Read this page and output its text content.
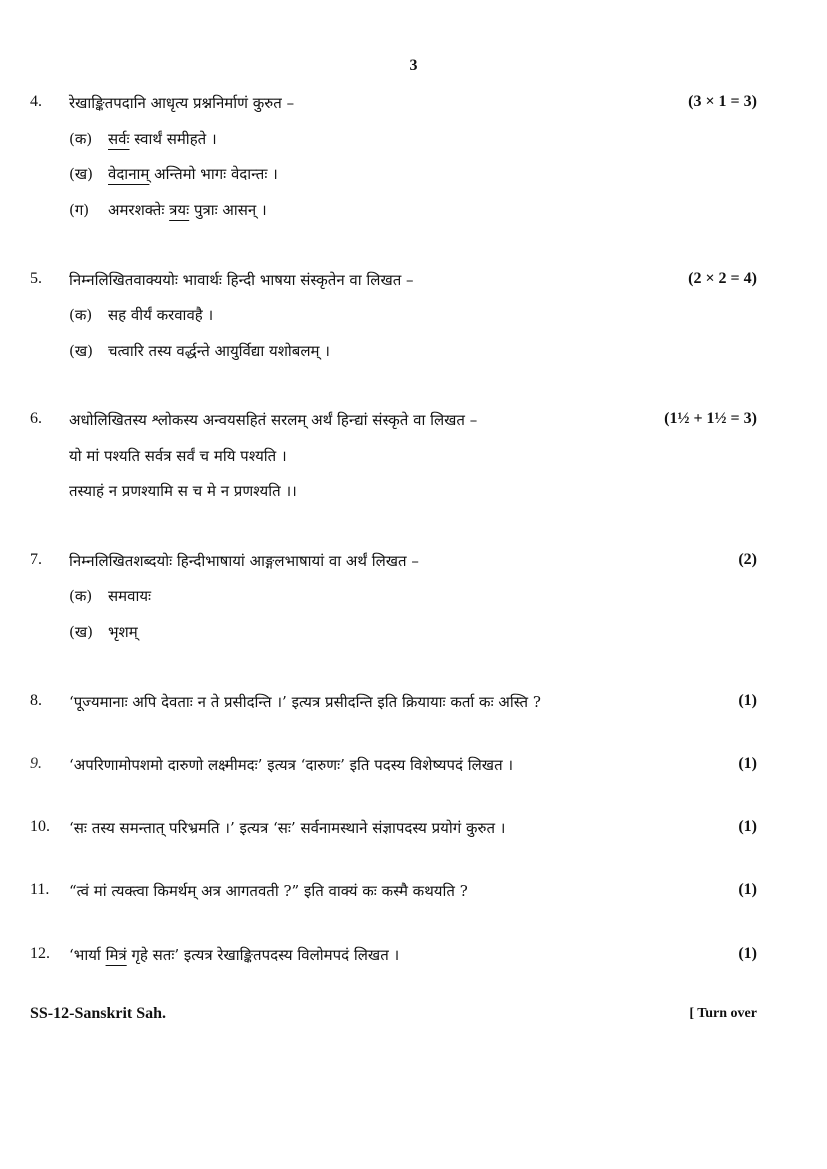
3
4. रेखाङ्कितपदानि आधृत्य प्रश्ननिर्माणं कुरुत –	(3 × 1 = 3)
(क) सर्वः स्वार्थं समीहते ।
(ख) वेदानाम् अन्तिमो भागः वेदान्तः ।
(ग) अमरशक्तेः त्रयः पुत्राः आसन् ।
5. निम्नलिखितवाक्ययोः भावार्थः हिन्दी भाषया संस्कृतेन वा लिखत –	(2 × 2 = 4)
(क) सह वीर्यं करवावहै ।
(ख) चत्वारि तस्य वर्द्धन्ते आयुर्विद्या यशोबलम् ।
6. अधोलिखितस्य श्लोकस्य अन्वयसहितं सरलम् अर्थं हिन्द्यां संस्कृते वा लिखत –	(1½ + 1½ = 3)
यो मां पश्यति सर्वत्र सर्वं च मयि पश्यति ।
तस्याहं न प्रणश्यामि स च मे न प्रणश्यति ।।
7. निम्नलिखितशब्दयोः हिन्दीभाषायां आङ्गलभाषायां वा अर्थं लिखत –	(2)
(क) समवायः
(ख) भृशम्
8. ‘पूज्यमानाः अपि देवताः न ते प्रसीदन्ति ।’ इत्यत्र प्रसीदन्ति इति क्रियायाः कर्ता कः अस्ति ?	(1)
9. ‘अपरिणामोपशमो दारुणो लक्ष्मीमदः’ इत्यत्र ‘दारुणः’ इति पदस्य विशेष्यपदं लिखत ।	(1)
10. ‘सः तस्य समन्तात् परिभ्रमति ।’ इत्यत्र ‘सः’ सर्वनामस्थाने संज्ञापदस्य प्रयोगं कुरुत ।	(1)
11. “त्वं मां त्यक्त्वा किमर्थम् अत्र आगतवती ?” इति वाक्यं कः कस्मै कथयति ?	(1)
12. ‘भार्या मित्रं गृहे सतः’ इत्यत्र रेखाङ्कितपदस्य विलोमपदं लिखत ।	(1)
SS-12-Sanskrit Sah.	[ Turn over
